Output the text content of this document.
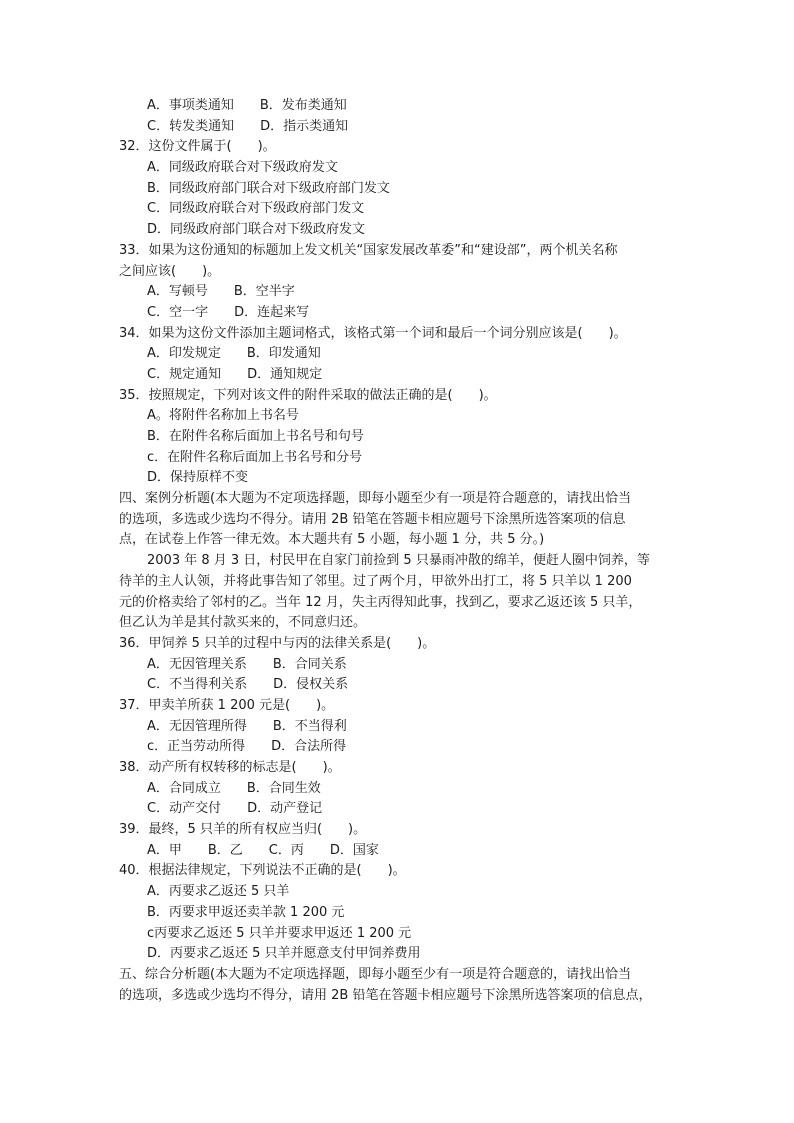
A．事项类通知　　B．发布类通知
C．转发类通知　　D．指示类通知
32．这份文件属于(　　)。
A．同级政府联合对下级政府发文
B．同级政府部门联合对下级政府部门发文
C．同级政府联合对下级政府部门发文
D．同级政府部门联合对下级政府发文
33．如果为这份通知的标题加上发文机关“国家发展改革委”和“建设部”，两个机关名称
之间应该(　　)。
A．写顿号　　B．空半字
C．空一字　　D．连起来写
34．如果为这份文件添加主题词格式，该格式第一个词和最后一个词分别应该是(　　)。
A．印发规定　　B．印发通知
C．规定通知　　D．通知规定
35．按照规定，下列对该文件的附件采取的做法正确的是(　　)。
A。将附件名称加上书名号
B．在附件名称后面加上书名号和句号
c．在附件名称后面加上书名号和分号
D．保持原样不变
四、案例分析题(本大题为不定项选择题，即每小题至少有一项是符合题意的，请找出恰当
的选项，多选或少选均不得分。请用 2B 铅笔在答题卡相应题号下涂黑所选答案项的信息
点，在试卷上作答一律无效。本大题共有 5 小题，每小题 1 分，共 5 分。)
2003 年 8 月 3 日，村民甲在自家门前捡到 5 只暴雨冲散的绵羊，便赶人圈中饲养，等
待羊的主人认领，并将此事告知了邻里。过了两个月，甲欲外出打工，将 5 只羊以 1 200
元的价格卖给了邻村的乙。当年 12 月，失主丙得知此事，找到乙，要求乙返还该 5 只羊，
但乙认为羊是其付款买来的，不同意归还。
36．甲饲养 5 只羊的过程中与丙的法律关系是(　　)。
A．无因管理关系　　B．合同关系
C．不当得利关系　　D．侵权关系
37．甲卖羊所获 1 200 元是(　　)。
A．无因管理所得　　B．不当得利
c．正当劳动所得　　D．合法所得
38．动产所有权转移的标志是(　　)。
A．合同成立　　B．合同生效
C．动产交付　　D．动产登记
39．最终，5 只羊的所有权应当归(　　)。
A．甲　　B．乙　　C．丙　　D．国家
40．根据法律规定，下列说法不正确的是(　　)。
A．丙要求乙返还 5 只羊
B．丙要求甲返还卖羊款 1 200 元
c丙要求乙返还 5 只羊并要求甲返还 1 200 元
D．丙要求乙返还 5 只羊并愿意支付甲饲养费用
五、综合分析题(本大题为不定项选择题，即每小题至少有一项是符合题意的，请找出恰当
的选项，多选或少选均不得分，请用 2B 铅笔在答题卡相应题号下涂黑所选答案项的信息点，
